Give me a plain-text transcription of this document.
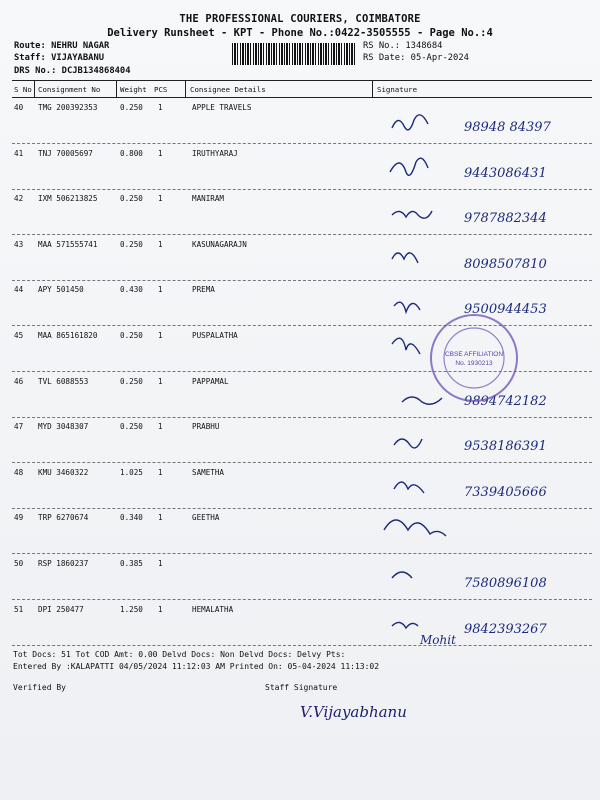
THE PROFESSIONAL COURIERS, COIMBATORE
Delivery Runsheet - KPT - Phone No.:0422-3505555 - Page No.:4
Route: NEHRU NAGAR
Staff: VIJAYABANU
DRS No.: DCJB134868404
RS No.: 1348684
RS Date: 05-Apr-2024
S No Consignment No	Weight PCS	Consignee Details	Signature
40 TMG 200392353	0.250 1	APPLE TRAVELS
98948 84397
41 TNJ 70005697	0.800 1	IRUTHYARAJ
9443086431
42 IXM 506213825	0.250 1	MANIRAM
9787882344
43 MAA 571555741	0.250 1	KASUNAGARAJN
8098507810
44 APY 501450	0.430 1	PREMA
9500944453
45 MAA 865161820	0.250 1	PUSPALATHA
46 TVL 6088553	0.250 1	PAPPAMAL
9894742182
47 MYD 3048307	0.250 1	PRABHU
9538186391
48 KMU 3460322	1.025 1	SAMETHA
7339405666
49 TRP 6270674	0.340 1	GEETHA
50 RSP 1860237	0.385 1
7580896108
51 DPI 250477	1.250 1	HEMALATHA
9842393267
Mohit
CBSE AFFILIATION
No. 1930213
Tot Docs: 51 Tot COD Amt: 0.00 Delvd Docs: Non Delvd Docs: Delvy Pts:
Entered By :KALAPATTI 04/05/2024 11:12:03 AM Printed On: 05-04-2024 11:13:02
Verified By	Staff Signature
V.Vijayabhanu
